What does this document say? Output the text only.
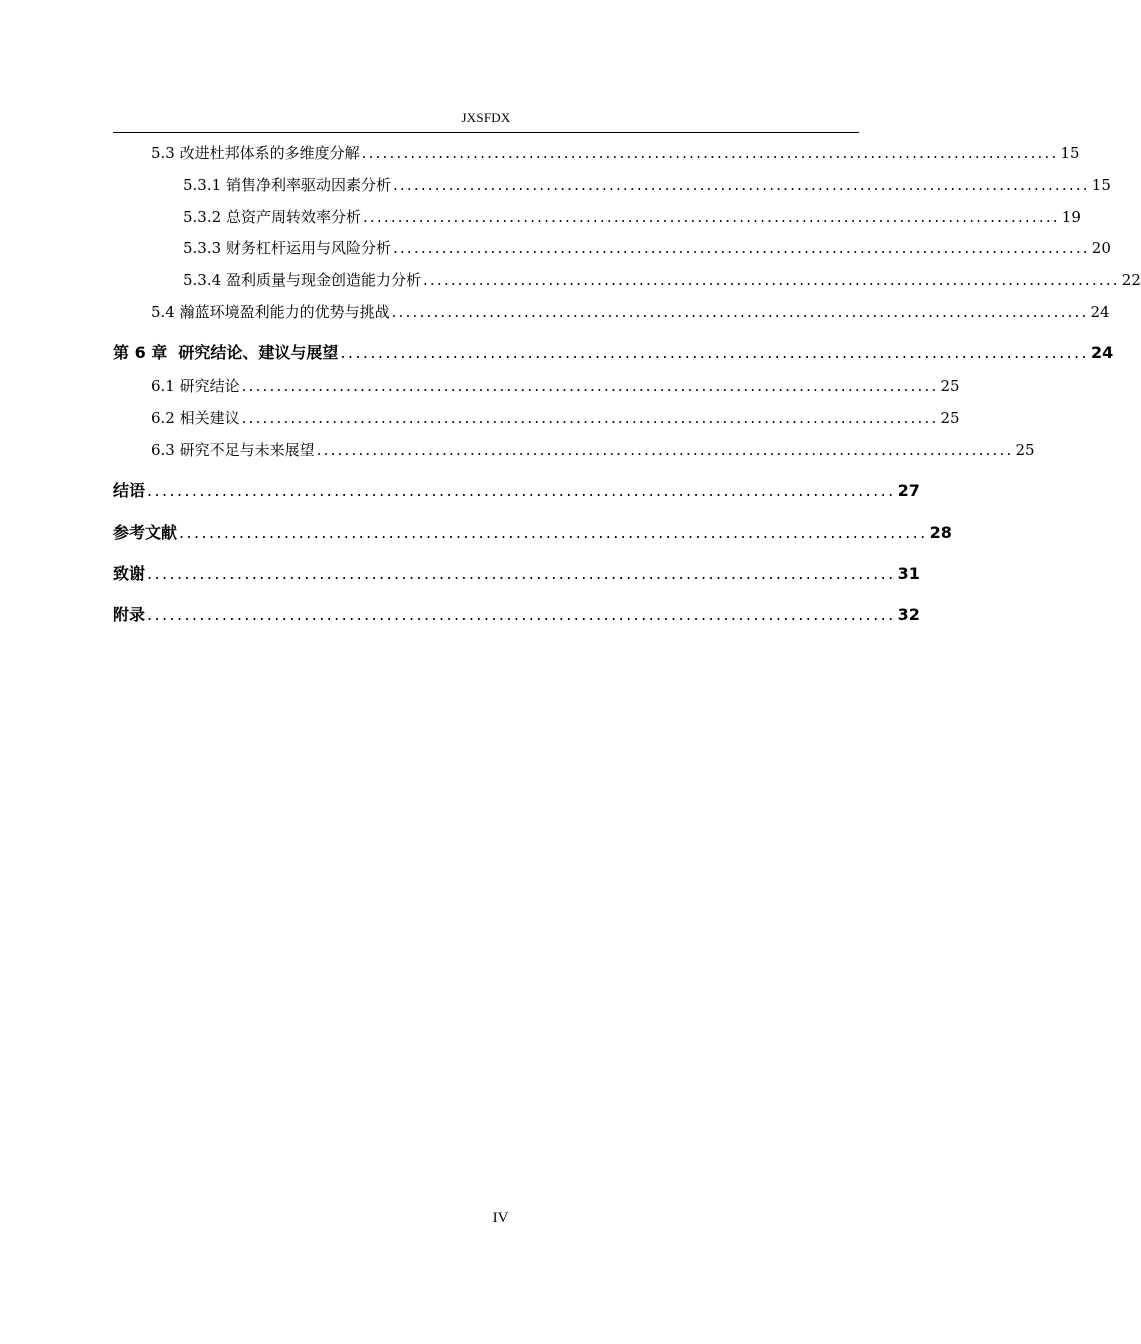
JXSFDX
5.3 改进杜邦体系的多维度分解 .................................................................................................... 15
5.3.1 销售净利率驱动因素分析 .................................................................................................... 15
5.3.2 总资产周转效率分析 .................................................................................................... 19
5.3.3 财务杠杆运用与风险分析 .................................................................................................... 20
5.3.4 盈利质量与现金创造能力分析 .................................................................................................... 22
5.4 瀚蓝环境盈利能力的优势与挑战 .................................................................................................... 24
第 6 章 研究结论、建议与展望 .................................................................................................... 24
6.1 研究结论 .................................................................................................... 25
6.2 相关建议 .................................................................................................... 25
6.3 研究不足与未来展望 .................................................................................................... 25
结语 .................................................................................................... 27
参考文献 .................................................................................................... 28
致谢 .................................................................................................... 31
附录 .................................................................................................... 32
IV
